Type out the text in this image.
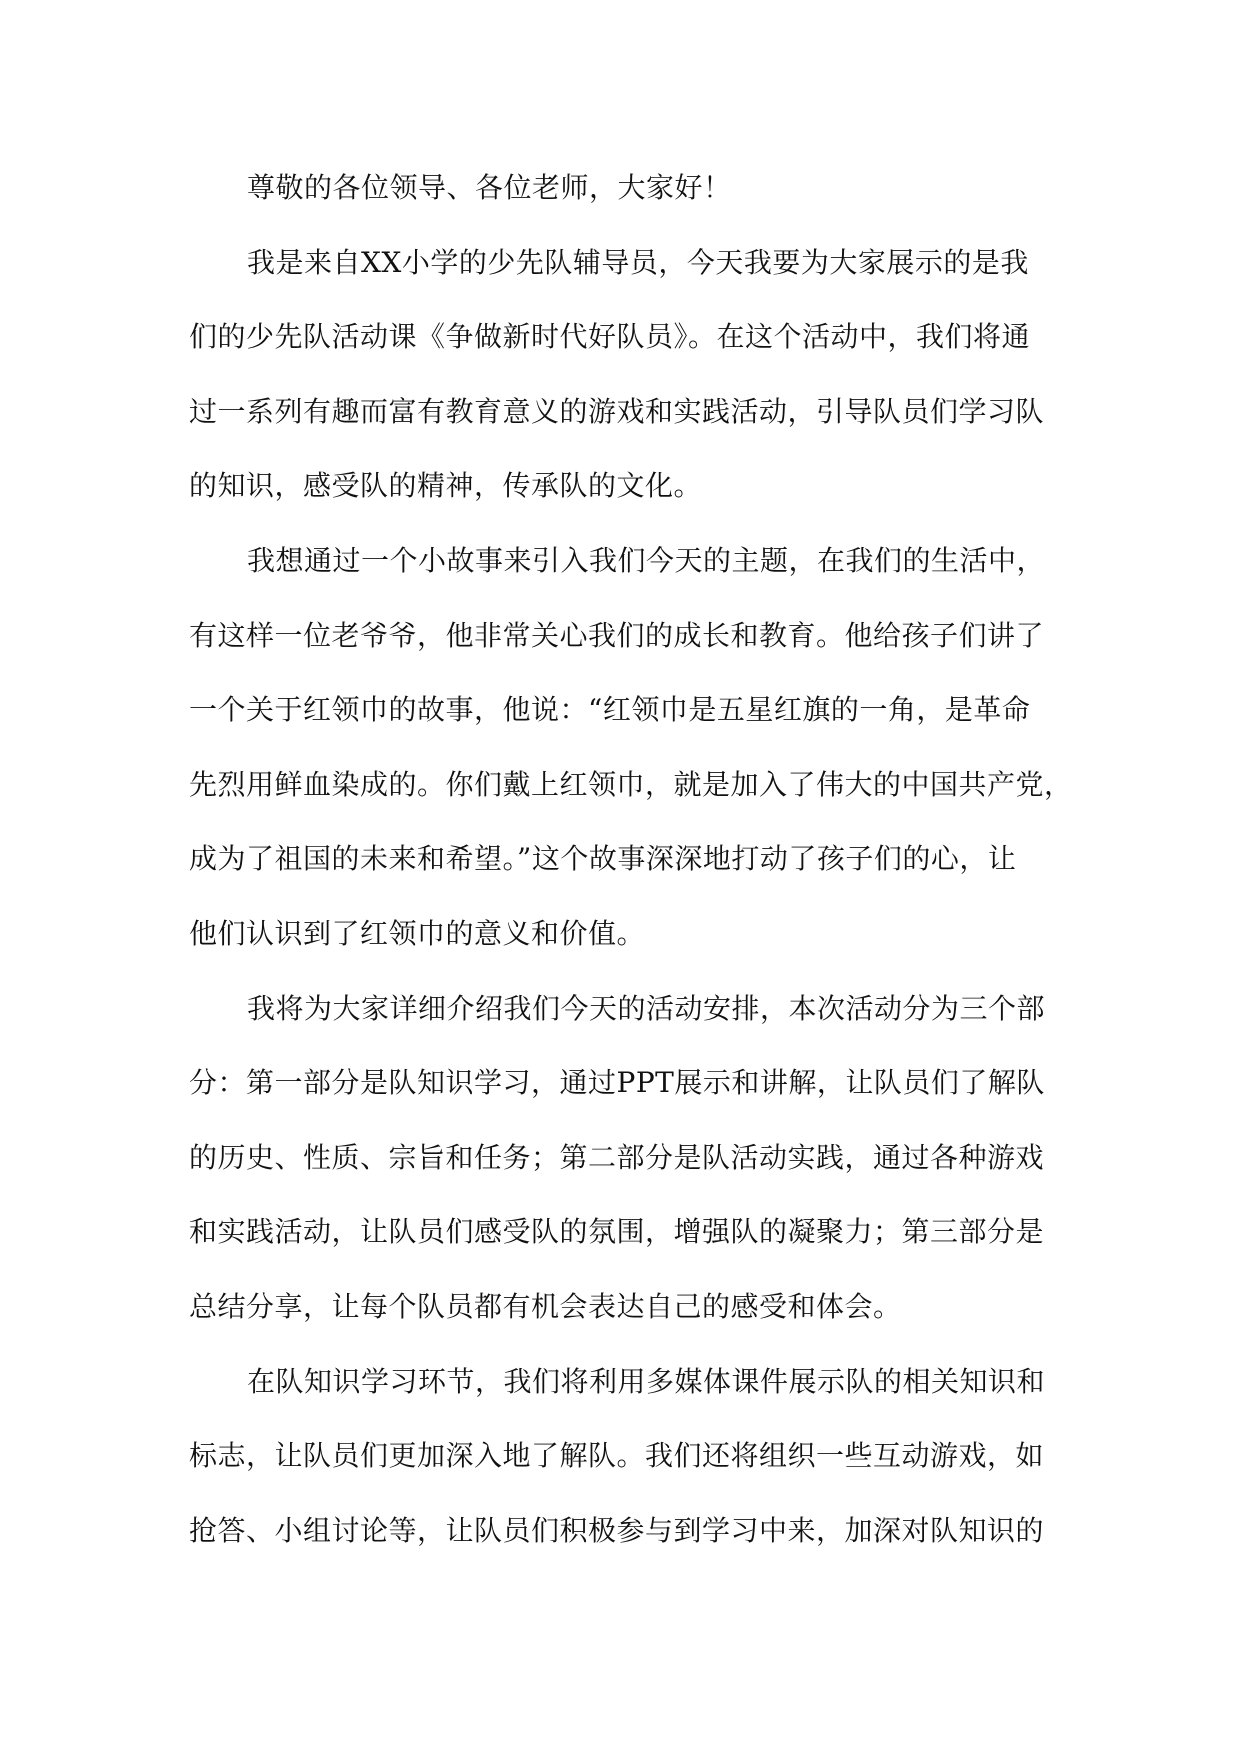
尊敬的各位领导、各位老师，大家好！
我是来自XX小学的少先队辅导员，今天我要为大家展示的是我
们的少先队活动课《争做新时代好队员》。在这个活动中，我们将通
过一系列有趣而富有教育意义的游戏和实践活动，引导队员们学习队
的知识，感受队的精神，传承队的文化。
我想通过一个小故事来引入我们今天的主题，在我们的生活中，
有这样一位老爷爷，他非常关心我们的成长和教育。他给孩子们讲了
一个关于红领巾的故事，他说：“红领巾是五星红旗的一角，是革命
先烈用鲜血染成的。你们戴上红领巾，就是加入了伟大的中国共产党，
成为了祖国的未来和希望。”这个故事深深地打动了孩子们的心，让
他们认识到了红领巾的意义和价值。
我将为大家详细介绍我们今天的活动安排，本次活动分为三个部
分：第一部分是队知识学习，通过PPT展示和讲解，让队员们了解队
的历史、性质、宗旨和任务；第二部分是队活动实践，通过各种游戏
和实践活动，让队员们感受队的氛围，增强队的凝聚力；第三部分是
总结分享，让每个队员都有机会表达自己的感受和体会。
在队知识学习环节，我们将利用多媒体课件展示队的相关知识和
标志，让队员们更加深入地了解队。我们还将组织一些互动游戏，如
抢答、小组讨论等，让队员们积极参与到学习中来，加深对队知识的
